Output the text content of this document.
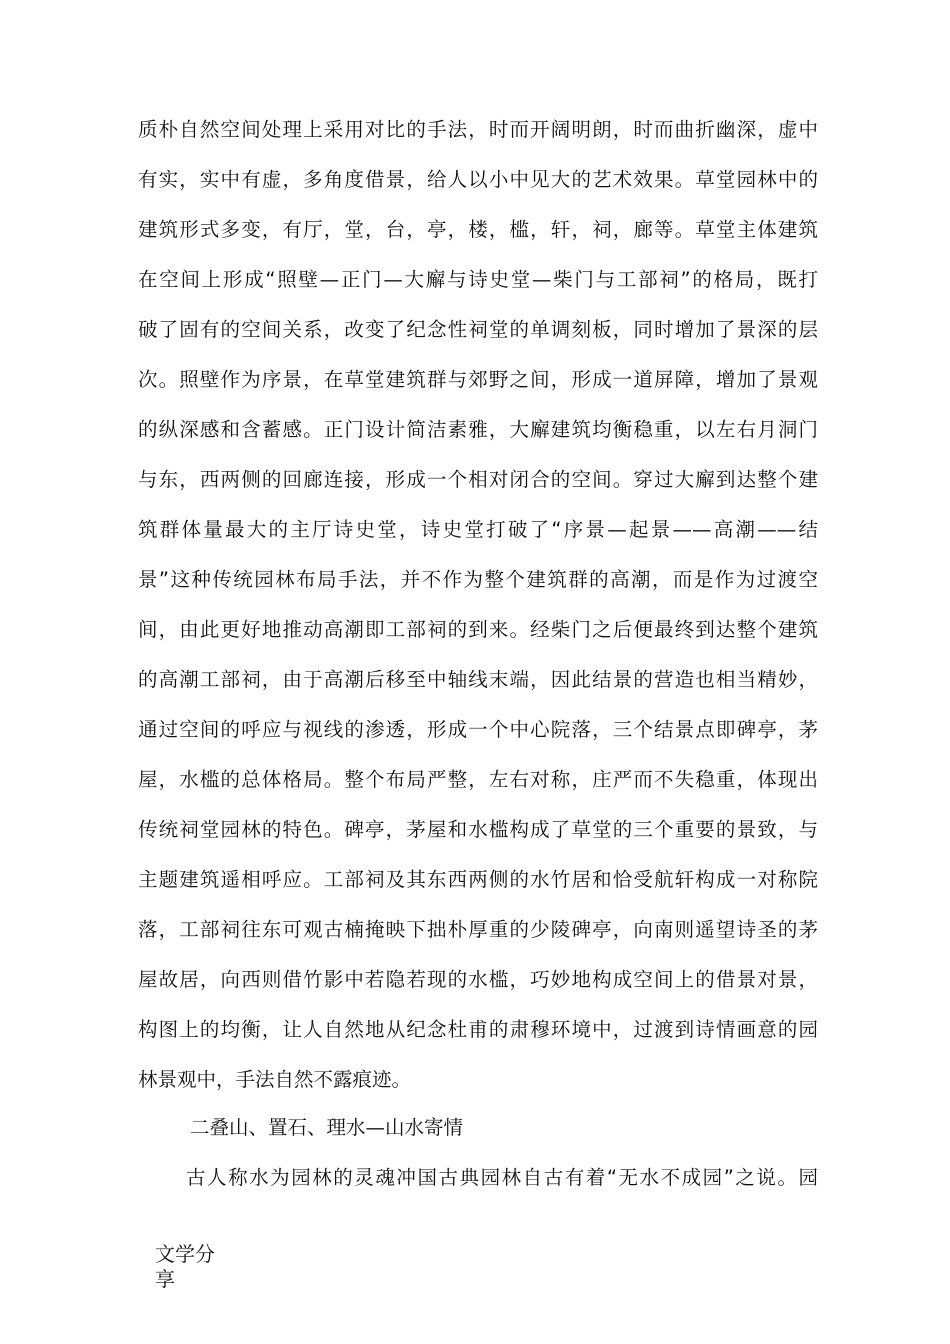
质朴自然空间处理上采用对比的手法，时而开阔明朗，时而曲折幽深，虚中
有实，实中有虚，多角度借景，给人以小中见大的艺术效果。草堂园林中的
建筑形式多变，有厅，堂，台，亭，楼，槛，轩，祠，廊等。草堂主体建筑
在空间上形成“照壁—正门—大廨与诗史堂—柴门与工部祠”的格局，既打
破了固有的空间关系，改变了纪念性祠堂的单调刻板，同时增加了景深的层
次。照壁作为序景，在草堂建筑群与郊野之间，形成一道屏障，增加了景观
的纵深感和含蓄感。正门设计简洁素雅，大廨建筑均衡稳重，以左右月洞门
与东，西两侧的回廊连接，形成一个相对闭合的空间。穿过大廨到达整个建
筑群体量最大的主厅诗史堂，诗史堂打破了“序景—起景——高潮——结
景”这种传统园林布局手法，并不作为整个建筑群的高潮，而是作为过渡空
间，由此更好地推动高潮即工部祠的到来。经柴门之后便最终到达整个建筑
的高潮工部祠，由于高潮后移至中轴线末端，因此结景的营造也相当精妙，
通过空间的呼应与视线的渗透，形成一个中心院落，三个结景点即碑亭，茅
屋，水槛的总体格局。整个布局严整，左右对称，庄严而不失稳重，体现出
传统祠堂园林的特色。碑亭，茅屋和水槛构成了草堂的三个重要的景致，与
主题建筑遥相呼应。工部祠及其东西两侧的水竹居和恰受航轩构成一对称院
落，工部祠往东可观古楠掩映下拙朴厚重的少陵碑亭，向南则遥望诗圣的茅
屋故居，向西则借竹影中若隐若现的水槛，巧妙地构成空间上的借景对景，
构图上的均衡，让人自然地从纪念杜甫的肃穆环境中，过渡到诗情画意的园
林景观中，手法自然不露痕迹。
二叠山、置石、理水—山水寄情
古人称水为园林的灵魂冲国古典园林自古有着“无水不成园”之说。园
文学分
享
